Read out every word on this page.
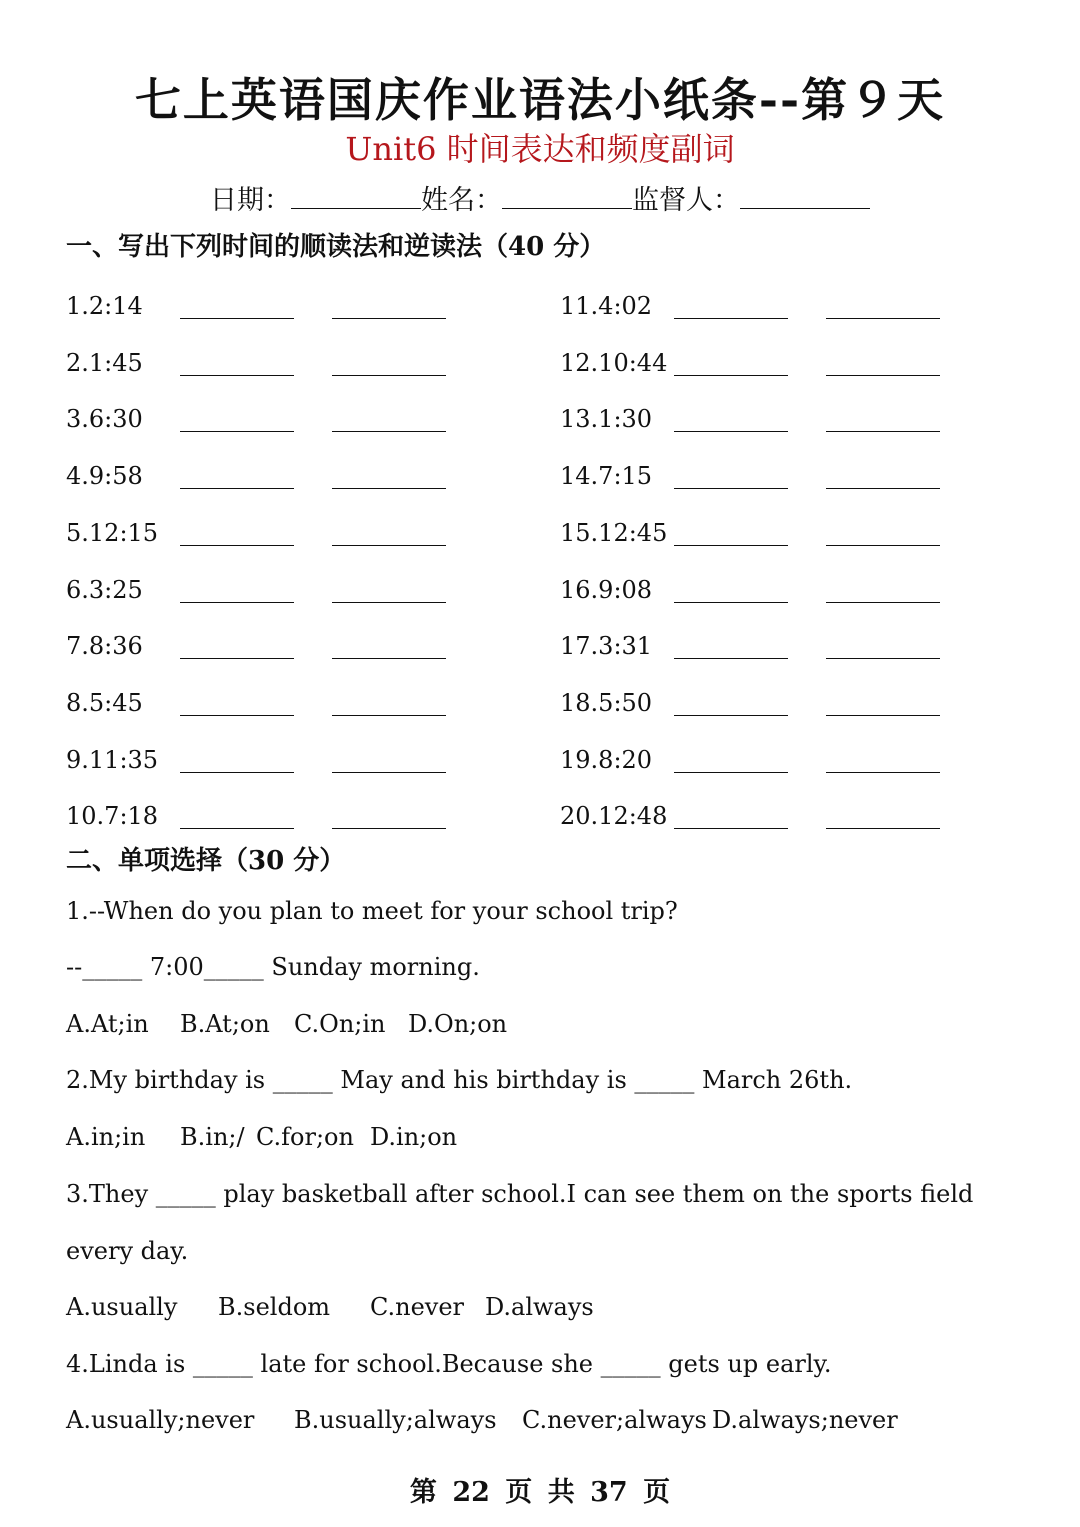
七上英语国庆作业语法小纸条--第９天
Unit6 时间表达和频度副词
日期：	姓名：	监督人：
一、写出下列时间的顺读法和逆读法（40 分）
1.2:14
2.1:45
3.6:30
4.9:58
5.12:15
6.3:25
7.8:36
8.5:45
9.11:35
10.7:18
11.4:02
12.10:44
13.1:30
14.7:15
15.12:45
16.9:08
17.3:31
18.5:50
19.8:20
20.12:48
二、单项选择（30 分）
1.--When do you plan to meet for your school trip?
--_____ 7:00_____ Sunday morning.
A.At;in B.At;on C.On;in D.On;on
2.My birthday is _____ May and his birthday is _____ March 26th.
A.in;in B.in;/ C.for;on D.in;on
3.They _____ play basketball after school.I can see them on the sports field
every day.
A.usually B.seldom C.never D.always
4.Linda is _____ late for school.Because she _____ gets up early.
A.usually;never B.usually;always C.never;always D.always;never
第 22 页 共 37 页
